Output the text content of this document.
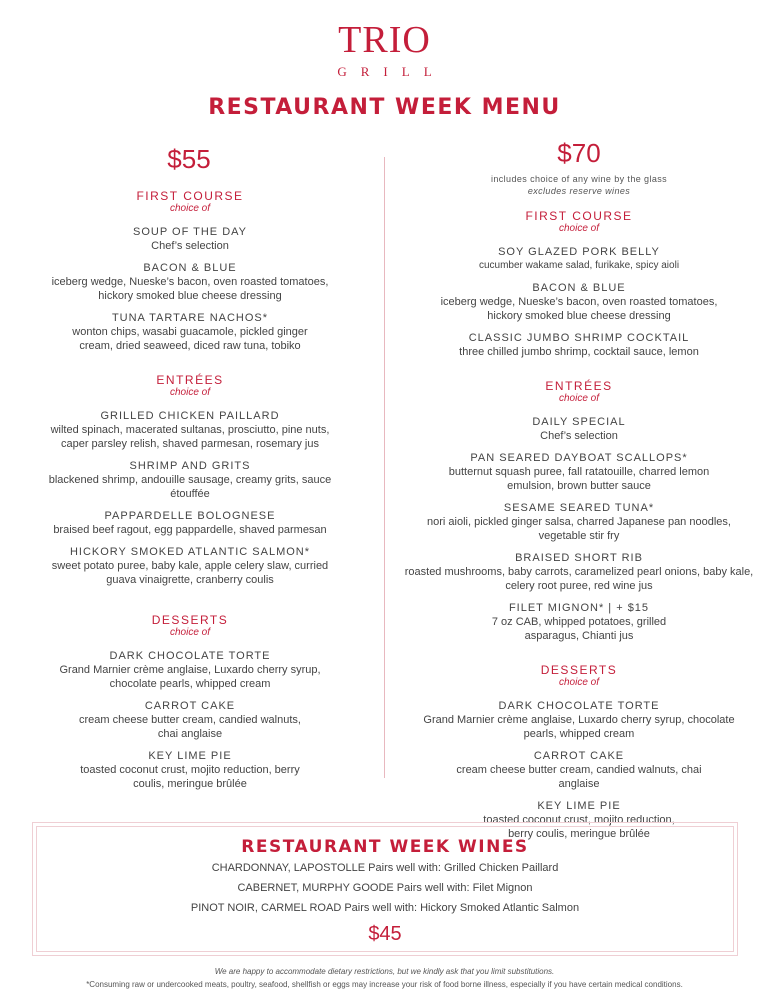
TRIO
GRILL
RESTAURANT WEEK MENU
$55
FIRST COURSE
choice of
SOUP OF THE DAY
Chef’s selection
BACON & BLUE
iceberg wedge, Nueske’s bacon, oven roasted tomatoes, hickory smoked blue cheese dressing
TUNA TARTARE NACHOS*
wonton chips, wasabi guacamole, pickled ginger cream, dried seaweed, diced raw tuna, tobiko
ENTRÉES
choice of
GRILLED CHICKEN PAILLARD
wilted spinach, macerated sultanas, prosciutto, pine nuts, caper parsley relish, shaved parmesan, rosemary jus
SHRIMP AND GRITS
blackened shrimp, andouille sausage, creamy grits, sauce étouffée
PAPPARDELLE BOLOGNESE
braised beef ragout, egg pappardelle, shaved parmesan
HICKORY SMOKED ATLANTIC SALMON*
sweet potato puree, baby kale, apple celery slaw, curried guava vinaigrette, cranberry coulis
DESSERTS
choice of
DARK CHOCOLATE TORTE
Grand Marnier crème anglaise, Luxardo cherry syrup, chocolate pearls, whipped cream
CARROT CAKE
cream cheese butter cream, candied walnuts, chai anglaise
KEY LIME PIE
toasted coconut crust, mojito reduction, berry coulis, meringue brûlée
$70
includes choice of any wine by the glass
excludes reserve wines
FIRST COURSE
choice of
SOY GLAZED PORK BELLY
cucumber wakame salad, furikake, spicy aioli
BACON & BLUE
iceberg wedge, Nueske’s bacon, oven roasted tomatoes, hickory smoked blue cheese dressing
CLASSIC JUMBO SHRIMP COCKTAIL
three chilled jumbo shrimp, cocktail sauce, lemon
ENTRÉES
choice of
DAILY SPECIAL
Chef’s selection
PAN SEARED DAYBOAT SCALLOPS*
butternut squash puree, fall ratatouille, charred lemon emulsion, brown butter sauce
SESAME SEARED TUNA*
nori aioli, pickled ginger salsa, charred Japanese pan noodles, vegetable stir fry
BRAISED SHORT RIB
roasted mushrooms, baby carrots, caramelized pearl onions, baby kale, celery root puree, red wine jus
FILET MIGNON* | + $15
7 oz CAB, whipped potatoes, grilled asparagus, Chianti jus
DESSERTS
choice of
DARK CHOCOLATE TORTE
Grand Marnier crème anglaise, Luxardo cherry syrup, chocolate pearls, whipped cream
CARROT CAKE
cream cheese butter cream, candied walnuts, chai anglaise
KEY LIME PIE
toasted coconut crust, mojito reduction, berry coulis, meringue brûlée
RESTAURANT WEEK WINES
CHARDONNAY, LAPOSTOLLE Pairs well with: Grilled Chicken Paillard
CABERNET, MURPHY GOODE Pairs well with: Filet Mignon
PINOT NOIR, CARMEL ROAD Pairs well with: Hickory Smoked Atlantic Salmon
$45
We are happy to accommodate dietary restrictions, but we kindly ask that you limit substitutions.
*Consuming raw or undercooked meats, poultry, seafood, shellfish or eggs may increase your risk of food borne illness, especially if you have certain medical conditions.
